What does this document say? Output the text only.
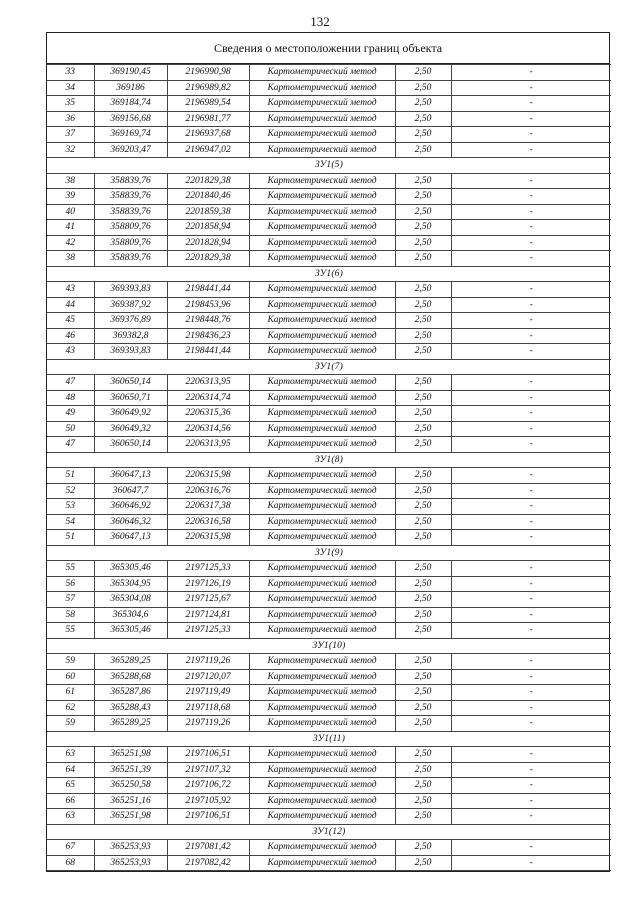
132
Сведения о местоположении границ объекта
33	369190,45	2196990,98	Картометрический метод	2,50	-
34	369186	2196989,82	Картометрический метод	2,50	-
35	369184,74	2196989,54	Картометрический метод	2,50	-
36	369156,68	2196981,77	Картометрический метод	2,50	-
37	369169,74	2196937,68	Картометрический метод	2,50	-
32	369203,47	2196947,02	Картометрический метод	2,50	-
ЗУ1(5)					
38	358839,76	2201829,38	Картометрический метод	2,50	-
39	358839,76	2201840,46	Картометрический метод	2,50	-
40	358839,76	2201859,38	Картометрический метод	2,50	-
41	358809,76	2201858,94	Картометрический метод	2,50	-
42	358809,76	2201828,94	Картометрический метод	2,50	-
38	358839,76	2201829,38	Картометрический метод	2,50	-
ЗУ1(6)					
43	369393,83	2198441,44	Картометрический метод	2,50	-
44	369387,92	2198453,96	Картометрический метод	2,50	-
45	369376,89	2198448,76	Картометрический метод	2,50	-
46	369382,8	2198436,23	Картометрический метод	2,50	-
43	369393,83	2198441,44	Картометрический метод	2,50	-
ЗУ1(7)					
47	360650,14	2206313,95	Картометрический метод	2,50	-
48	360650,71	2206314,74	Картометрический метод	2,50	-
49	360649,92	2206315,36	Картометрический метод	2,50	-
50	360649,32	2206314,56	Картометрический метод	2,50	-
47	360650,14	2206313,95	Картометрический метод	2,50	-
ЗУ1(8)					
51	360647,13	2206315,98	Картометрический метод	2,50	-
52	360647,7	2206316,76	Картометрический метод	2,50	-
53	360646,92	2206317,38	Картометрический метод	2,50	-
54	360646,32	2206316,58	Картометрический метод	2,50	-
51	360647,13	2206315,98	Картометрический метод	2,50	-
ЗУ1(9)					
55	365305,46	2197125,33	Картометрический метод	2,50	-
56	365304,95	2197126,19	Картометрический метод	2,50	-
57	365304,08	2197125,67	Картометрический метод	2,50	-
58	365304,6	2197124,81	Картометрический метод	2,50	-
55	365305,46	2197125,33	Картометрический метод	2,50	-
ЗУ1(10)					
59	365289,25	2197119,26	Картометрический метод	2,50	-
60	365288,68	2197120,07	Картометрический метод	2,50	-
61	365287,86	2197119,49	Картометрический метод	2,50	-
62	365288,43	2197118,68	Картометрический метод	2,50	-
59	365289,25	2197119,26	Картометрический метод	2,50	-
ЗУ1(11)					
63	365251,98	2197106,51	Картометрический метод	2,50	-
64	365251,39	2197107,32	Картометрический метод	2,50	-
65	365250,58	2197106,72	Картометрический метод	2,50	-
66	365251,16	2197105,92	Картометрический метод	2,50	-
63	365251,98	2197106,51	Картометрический метод	2,50	-
ЗУ1(12)					
67	365253,93	2197081,42	Картометрический метод	2,50	-
68	365253,93	2197082,42	Картометрический метод	2,50	-
